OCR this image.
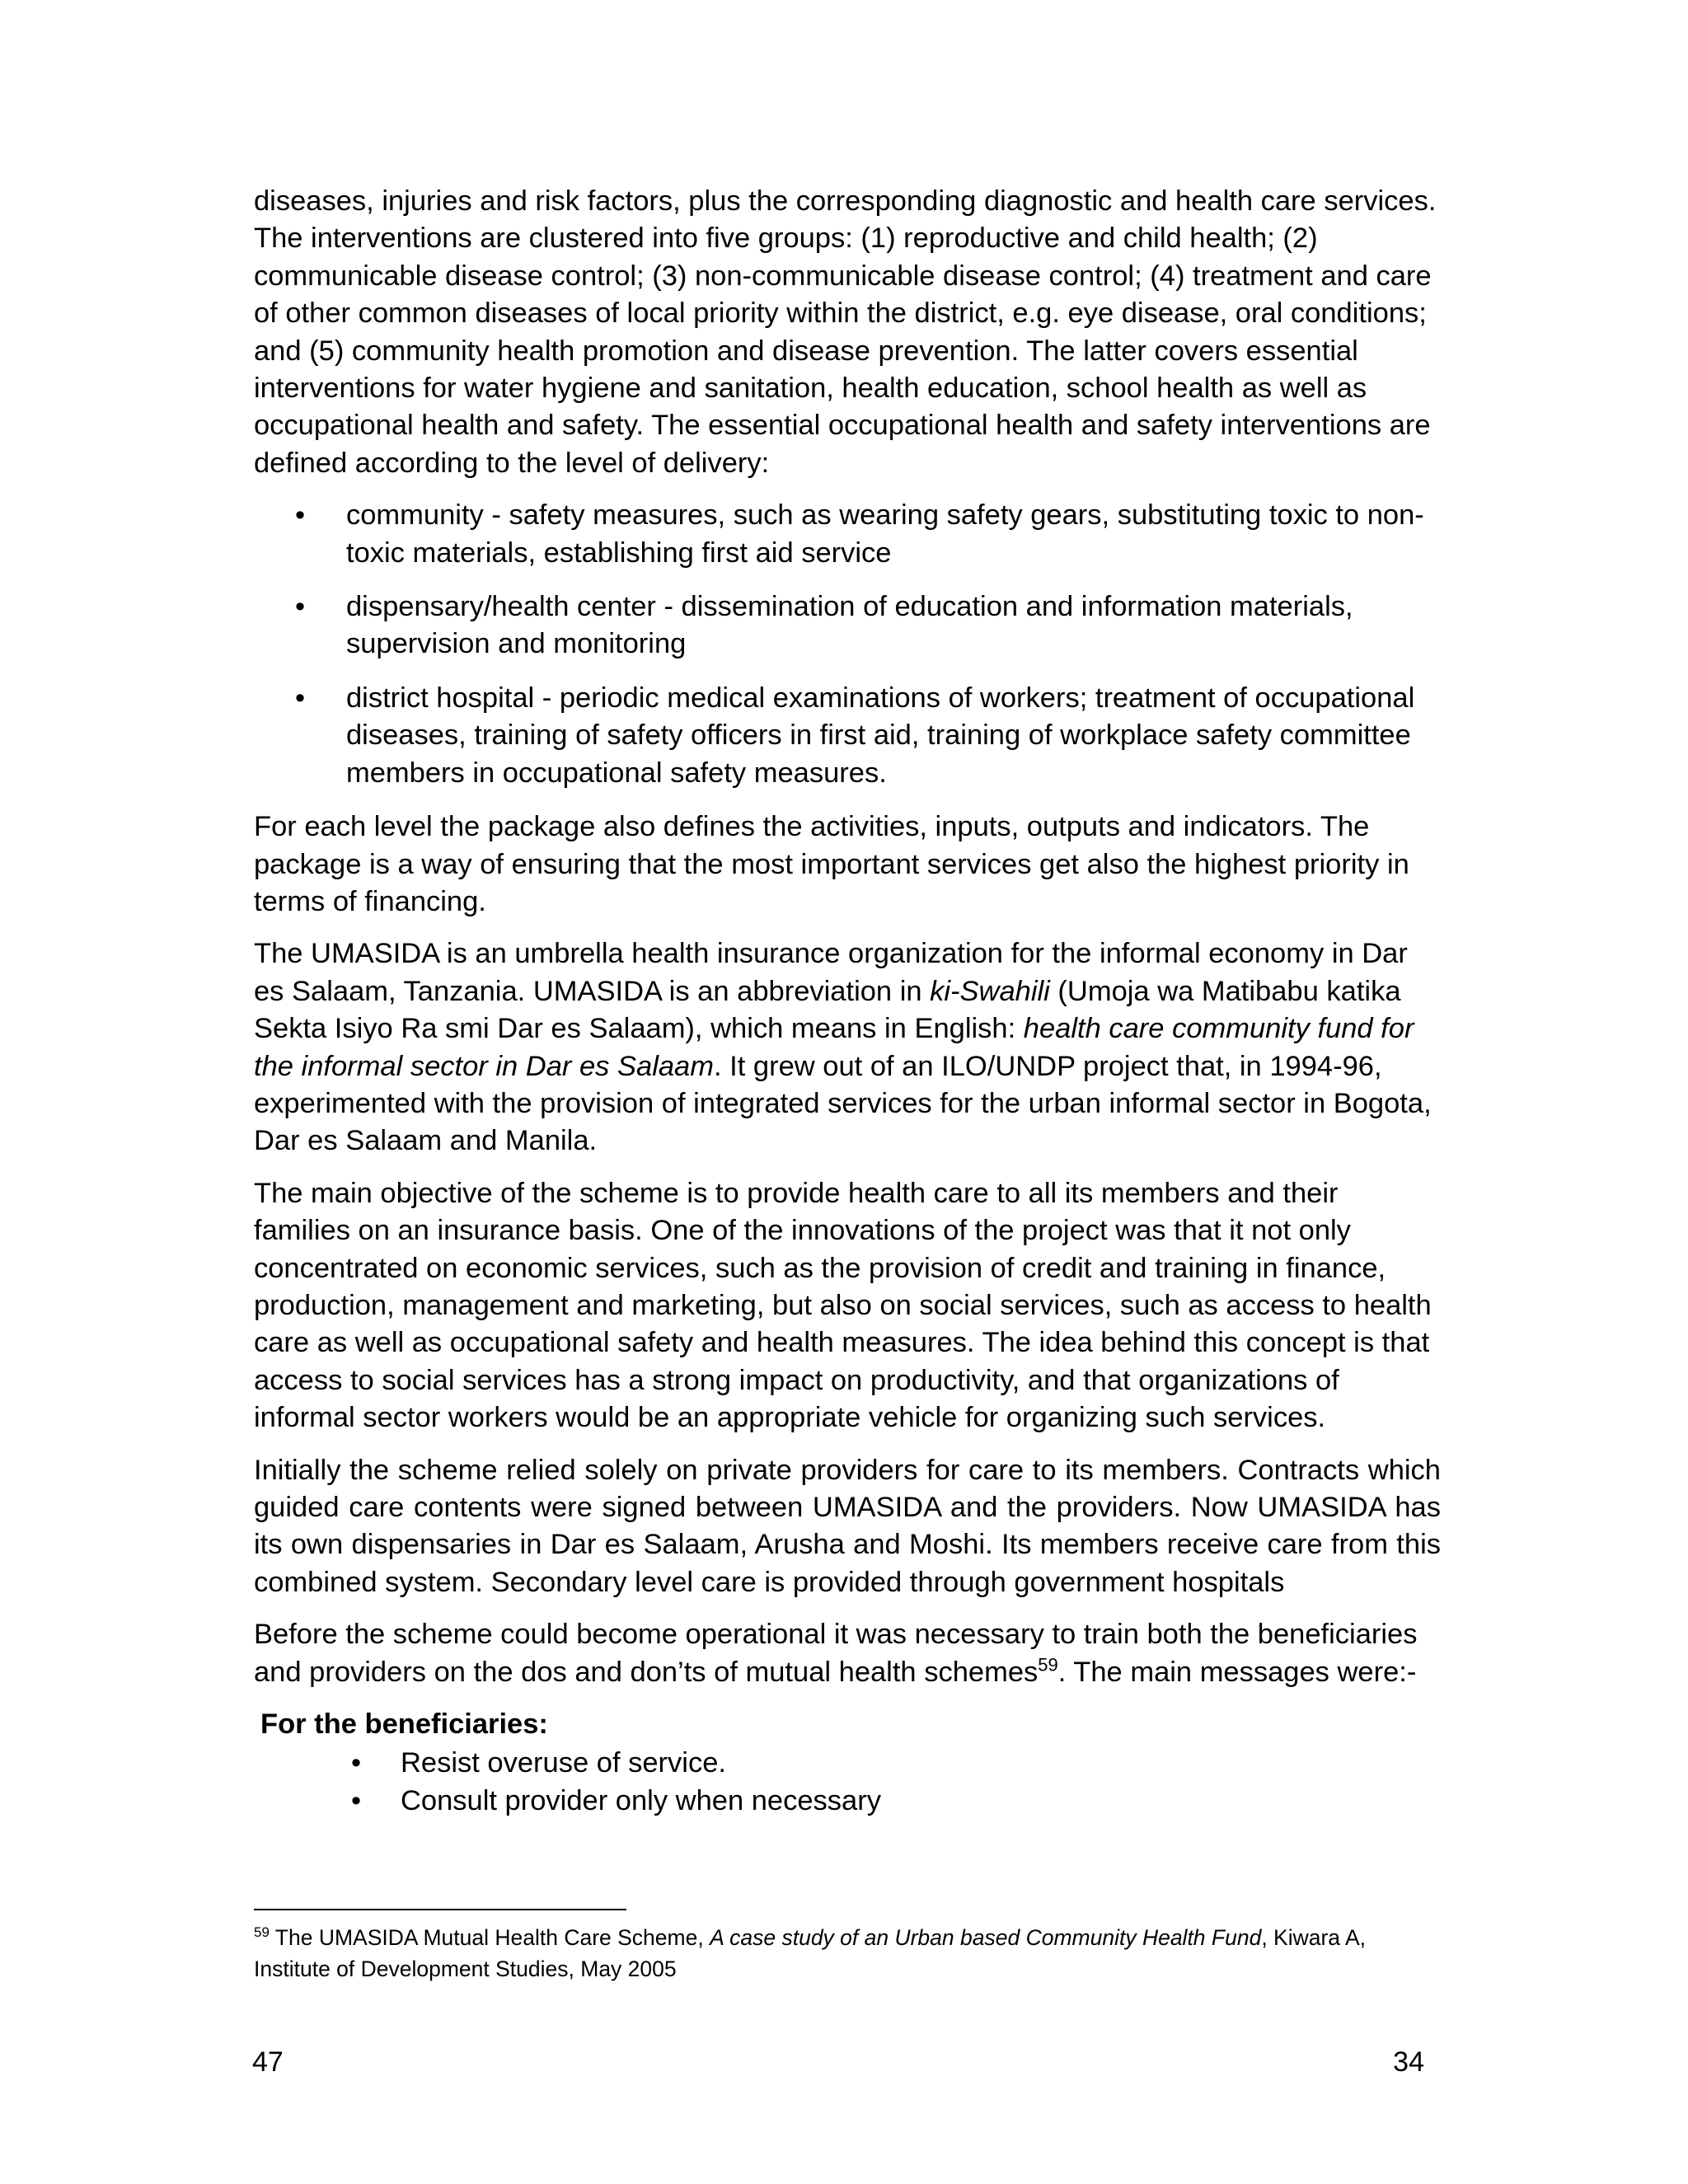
diseases, injuries and risk factors, plus the corresponding diagnostic and health care services. The interventions are clustered into five groups: (1) reproductive and child health; (2) communicable disease control; (3) non-communicable disease control; (4) treatment and care of other common diseases of local priority within the district, e.g. eye disease, oral conditions; and (5) community health promotion and disease prevention. The latter covers essential interventions for water hygiene and sanitation, health education, school health as well as occupational health and safety. The essential occupational health and safety interventions are defined according to the level of delivery:

• community - safety measures, such as wearing safety gears, substituting toxic to non-toxic materials, establishing first aid service
• dispensary/health center - dissemination of education and information materials, supervision and monitoring
• district hospital - periodic medical examinations of workers; treatment of occupational diseases, training of safety officers in first aid, training of workplace safety committee members in occupational safety measures.

For each level the package also defines the activities, inputs, outputs and indicators. The package is a way of ensuring that the most important services get also the highest priority in terms of financing.

The UMASIDA is an umbrella health insurance organization for the informal economy in Dar es Salaam, Tanzania. UMASIDA is an abbreviation in ki-Swahili (Umoja wa Matibabu katika Sekta Isiyo Ra smi Dar es Salaam), which means in English: health care community fund for the informal sector in Dar es Salaam. It grew out of an ILO/UNDP project that, in 1994-96, experimented with the provision of integrated services for the urban informal sector in Bogota, Dar es Salaam and Manila.

The main objective of the scheme is to provide health care to all its members and their families on an insurance basis. One of the innovations of the project was that it not only concentrated on economic services, such as the provision of credit and training in finance, production, management and marketing, but also on social services, such as access to health care as well as occupational safety and health measures. The idea behind this concept is that access to social services has a strong impact on productivity, and that organizations of informal sector workers would be an appropriate vehicle for organizing such services.

Initially the scheme relied solely on private providers for care to its members. Contracts which guided care contents were signed between UMASIDA and the providers. Now UMASIDA has its own dispensaries in Dar es Salaam, Arusha and Moshi. Its members receive care from this combined system. Secondary level care is provided through government hospitals

Before the scheme could become operational it was necessary to train both the beneficiaries and providers on the dos and don’ts of mutual health schemes$^{59}$. The main messages were:-

For the beneficiaries:
• Resist overuse of service.
• Consult provider only when necessary
$^{59}$ The UMASIDA Mutual Health Care Scheme, A case study of an Urban based Community Health Fund, Kiwara A, Institute of Development Studies, May 2005
47	34
